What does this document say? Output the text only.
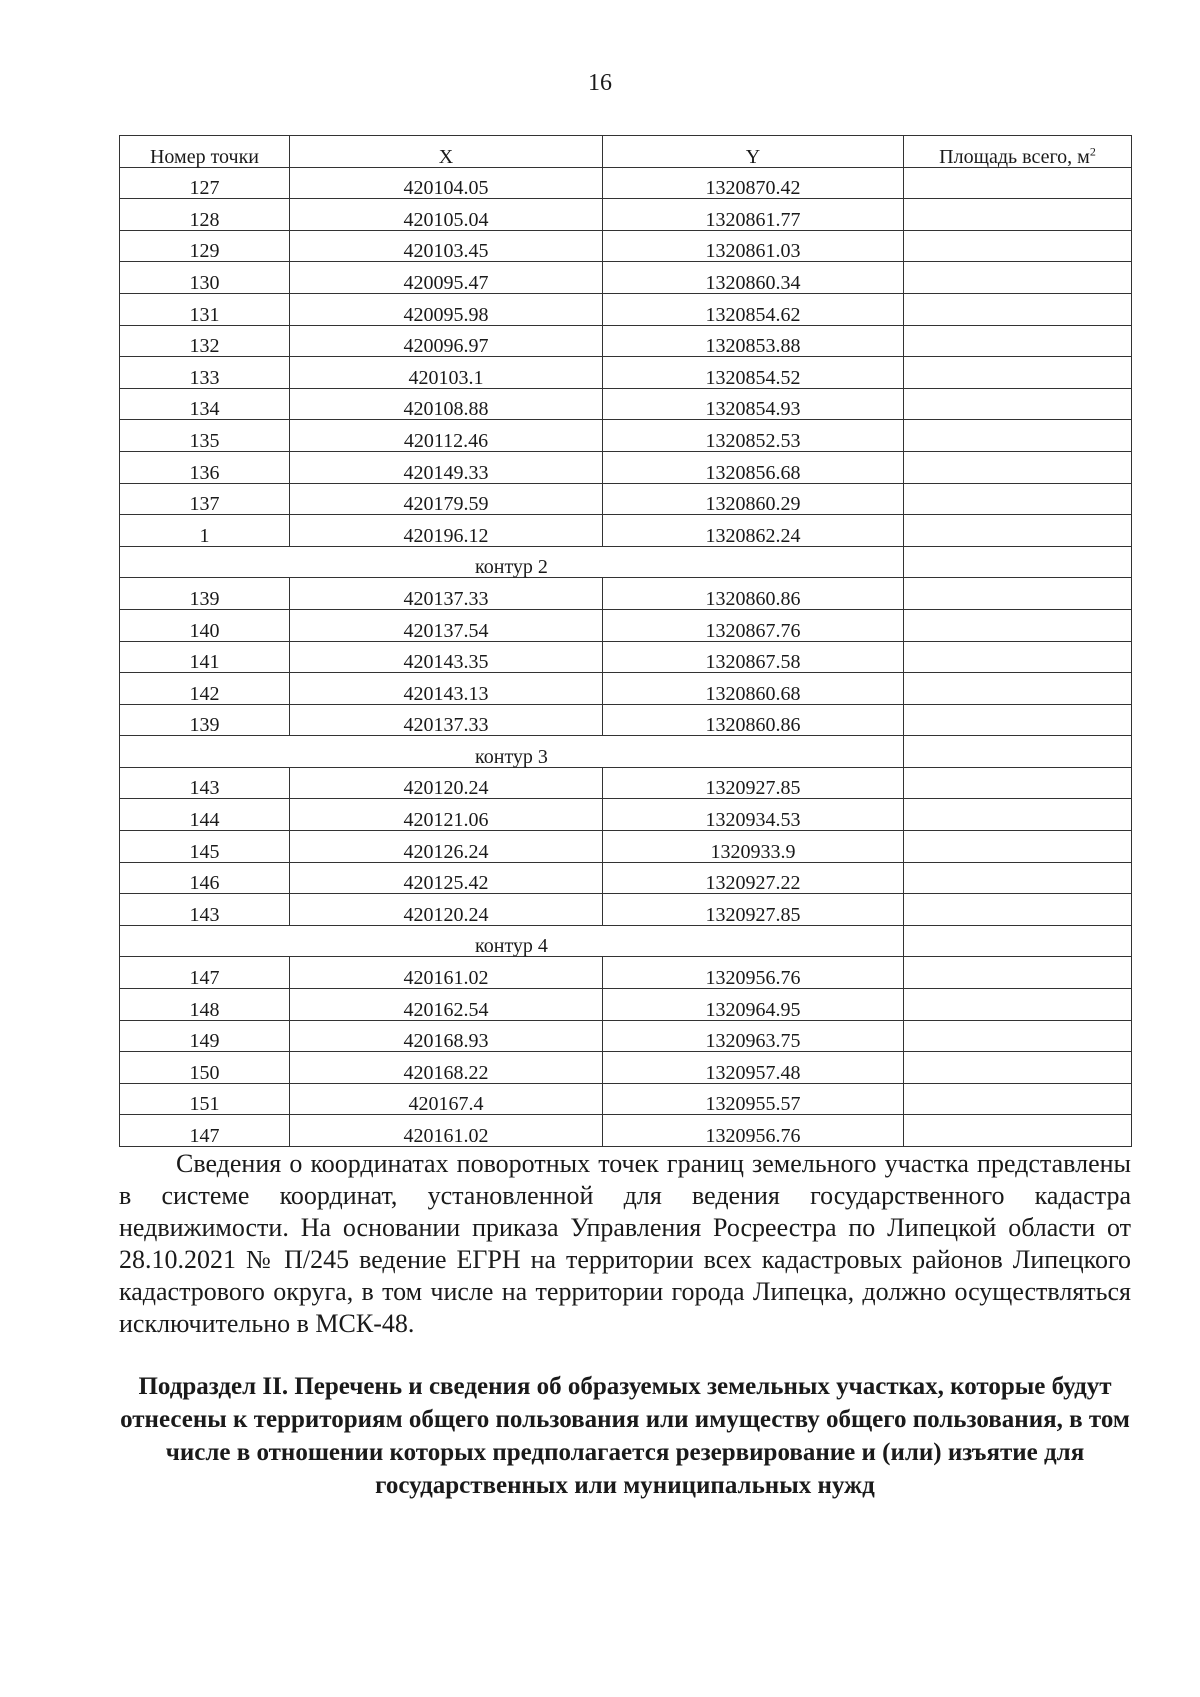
16
Номер точки	X	Y	Площадь всего, $м^2$
127	420104.05	1320870.42	
128	420105.04	1320861.77	
129	420103.45	1320861.03	
130	420095.47	1320860.34	
131	420095.98	1320854.62	
132	420096.97	1320853.88	
133	420103.1	1320854.52	
134	420108.88	1320854.93	
135	420112.46	1320852.53	
136	420149.33	1320856.68	
137	420179.59	1320860.29	
1	420196.12	1320862.24	
контур 2			
139	420137.33	1320860.86	
140	420137.54	1320867.76	
141	420143.35	1320867.58	
142	420143.13	1320860.68	
139	420137.33	1320860.86	
контур 3			
143	420120.24	1320927.85	
144	420121.06	1320934.53	
145	420126.24	1320933.9	
146	420125.42	1320927.22	
143	420120.24	1320927.85	
контур 4			
147	420161.02	1320956.76	
148	420162.54	1320964.95	
149	420168.93	1320963.75	
150	420168.22	1320957.48	
151	420167.4	1320955.57	
147	420161.02	1320956.76	

Сведения о координатах поворотных точек границ земельного участка представлены в системе координат, установленной для ведения государственного кадастра недвижимости. На основании приказа Управления Росреестра по Липецкой области от 28.10.2021 № П/245 ведение ЕГРН на территории всех кадастровых районов Липецкого кадастрового округа, в том числе на территории города Липецка, должно осуществляться исключительно в МСК-48.

Подраздел II. Перечень и сведения об образуемых земельных участках, которые будут отнесены к территориям общего пользования или имуществу общего пользования, в том числе в отношении которых предполагается резервирование и (или) изъятие для государственных или муниципальных нужд
